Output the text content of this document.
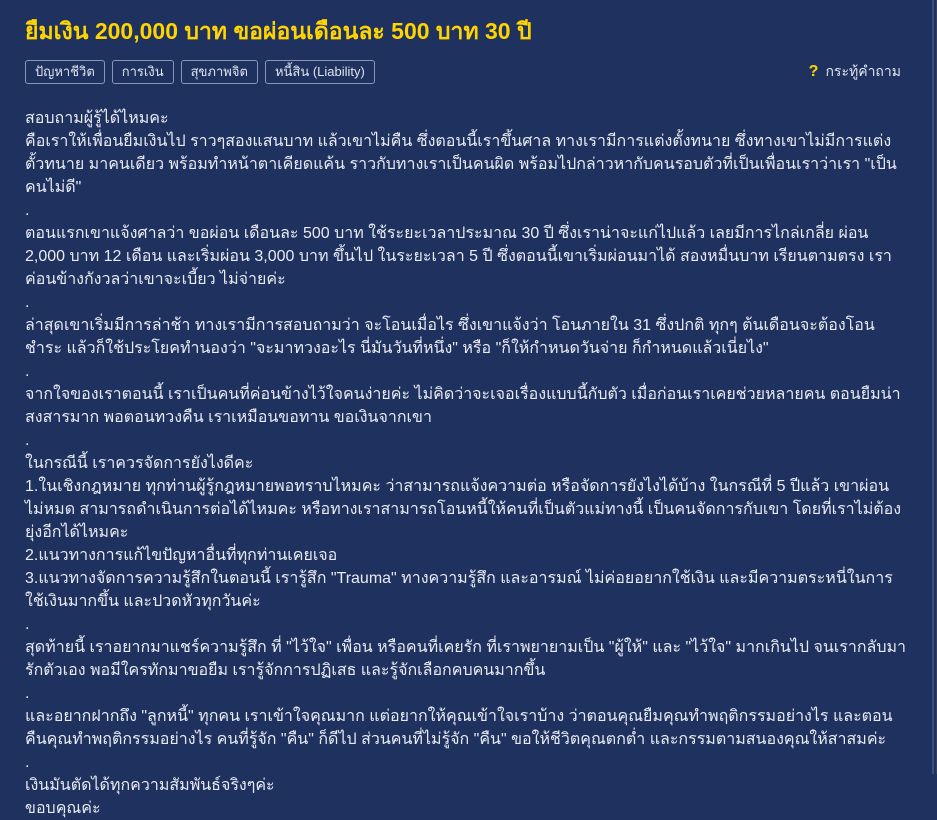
ยืมเงิน 200,000 บาท ขอผ่อนเดือนละ 500 บาท 30 ปี
ปัญหาชีวิต	การเงิน	สุขภาพจิต	หนี้สิน (Liability)	? กระทู้คำถาม

สอบถามผู้รู้ได้ไหมคะ

คือเราให้เพื่อนยืมเงินไป ราวๆสองแสนบาท แล้วเขาไม่คืน ซึ่งตอนนี้เราขึ้นศาล ทางเรามีการแต่งตั้งทนาย ซึ่งทางเขาไม่มีการแต่งตั้วทนาย มาคนเดียว พร้อมทำหน้าตาเคียดแค้น ราวกับทางเราเป็นคนผิด พร้อมไปกล่าวหากับคนรอบตัวที่เป็นเพื่อนเราว่าเรา "เป็นคนไม่ดี"

.

ตอนแรกเขาแจ้งศาลว่า ขอผ่อน เดือนละ 500 บาท ใช้ระยะเวลาประมาณ 30 ปี ซึ่งเราน่าจะแก่ไปแล้ว เลยมีการไกล่เกลี่ย ผ่อน 2,000 บาท 12 เดือน และเริ่มผ่อน 3,000 บาท ขึ้นไป ในระยะเวลา 5 ปี ซึ่งตอนนี้เขาเริ่มผ่อนมาได้ สองหมื่นบาท เรียนตามตรง เราค่อนข้างกังวลว่าเขาจะเบี้ยว ไม่จ่ายค่ะ

.

ล่าสุดเขาเริ่มมีการล่าช้า ทางเรามีการสอบถามว่า จะโอนเมื่อไร ซึ่งเขาแจ้งว่า โอนภายใน 31 ซึ่งปกติ ทุกๆ ต้นเดือนจะต้องโอนชำระ แล้วก็ใช้ประโยคทำนองว่า "จะมาทวงอะไร นี่มันวันที่หนึ่ง" หรือ "ก็ให้กำหนดวันจ่าย ก็กำหนดแล้วเนี่ยไง"

.

จากใจของเราตอนนี้ เราเป็นคนที่ค่อนข้างไว้ใจคนง่ายค่ะ ไม่คิดว่าจะเจอเรื่องแบบนี้กับตัว เมื่อก่อนเราเคยช่วยหลายคน ตอนยืมน่าสงสารมาก พอตอนทวงคืน เราเหมือนขอทาน ขอเงินจากเขา

.

ในกรณีนี้ เราควรจัดการยังไงดีคะ

1.ในเชิงกฎหมาย ทุกท่านผู้รู้กฎหมายพอทราบไหมคะ ว่าสามารถแจ้งความต่อ หรือจัดการยังไงได้บ้าง ในกรณีที่ 5 ปีแล้ว เขาผ่อนไม่หมด สามารถดำเนินการต่อได้ไหมคะ หรือทางเราสามารถโอนหนี้ให้คนที่เป็นตัวแม่ทางนี้ เป็นคนจัดการกับเขา โดยที่เราไม่ต้องยุ่งอีกได้ไหมคะ

2.แนวทางการแก้ไขปัญหาอื่นที่ทุกท่านเคยเจอ

3.แนวทางจัดการความรู้สึกในตอนนี้ เรารู้สึก "Trauma" ทางความรู้สึก และอารมณ์ ไม่ค่อยอยากใช้เงิน และมีความตระหนี่ในการใช้เงินมากขึ้น และปวดหัวทุกวันค่ะ

.

สุดท้ายนี้ เราอยากมาแชร์ความรู้สึก ที่ "ไว้ใจ" เพื่อน หรือคนที่เคยรัก ที่เราพยายามเป็น "ผู้ให้" และ "ไว้ใจ" มากเกินไป จนเรากลับมารักตัวเอง พอมีใครทักมาขอยืม เรารู้จักการปฏิเสธ และรู้จักเลือกคบคนมากขึ้น

.

และอยากฝากถึง "ลูกหนี้" ทุกคน เราเข้าใจคุณมาก แต่อยากให้คุณเข้าใจเราบ้าง ว่าตอนคุณยืมคุณทำพฤติกรรมอย่างไร และตอนคืนคุณทำพฤติกรรมอย่างไร คนที่รู้จัก "คืน" ก็ดีไป ส่วนคนที่ไม่รู้จัก "คืน" ขอให้ชีวิตคุณตกต่ำ และกรรมตามสนองคุณให้สาสมค่ะ

.

เงินมันตัดได้ทุกความสัมพันธ์จริงๆค่ะ

ขอบคุณค่ะ
